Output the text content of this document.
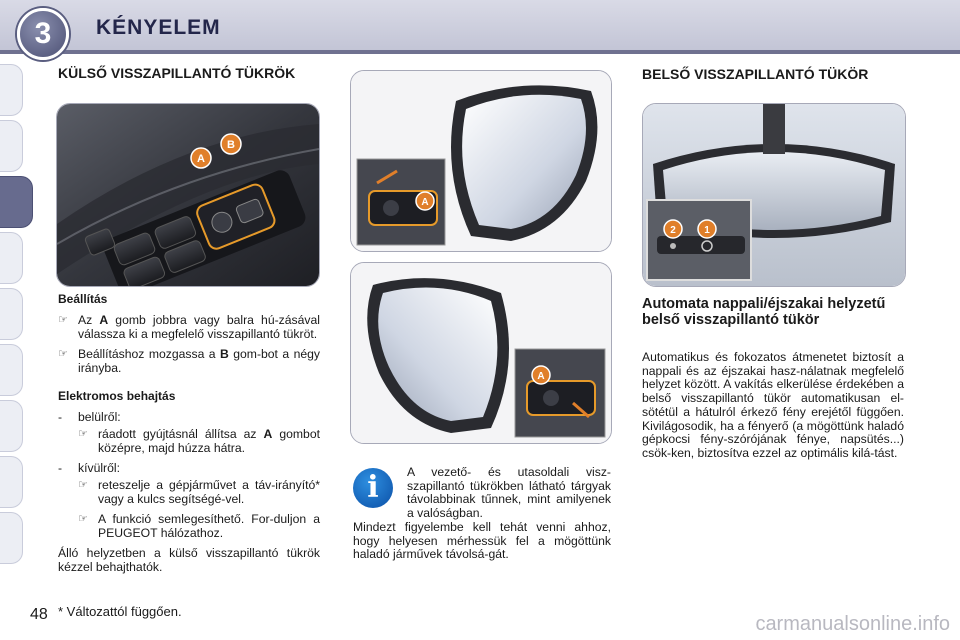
3	KÉNYELEM
KÜLSŐ VISSZAPILLANTÓ TÜKRÖK
A
B
Beállítás
☞ Az A gomb jobbra vagy balra hú-zásával válassza ki a megfelelő visszapillantó tükröt.
☞ Beállításhoz mozgassa a B gom-bot a négy irányba.
Elektromos behajtás
-	belülről:
☞ ráadott gyújtásnál állítsa az A gombot középre, majd húzza hátra.
-	kívülről:
☞ reteszelje a gépjárművet a táv-irányító* vagy a kulcs segítségé-vel.
☞ A funkció semlegesíthető. For-duljon a PEUGEOT hálózathoz.
Álló helyzetben a külső visszapillantó tükrök kézzel behajthatók.
A
A
i	A vezető- és utasoldali visz-szapillantó tükrökben látható tárgyak távolabbinak tűnnek, mint amilyenek a valóságban.
Mindezt figyelembe kell tehát venni ahhoz, hogy helyesen mérhessük fel a mögöttünk haladó járművek távolsá-gát.
BELSŐ VISSZAPILLANTÓ TÜKÖR
2	1
Automata nappali/éjszakai helyzetű belső visszapillantó tükör
Automatikus és fokozatos átmenetet biztosít a nappali és az éjszakai hasz-nálatnak megfelelő helyzet között. A vakítás elkerülése érdekében a belső visszapillantó tükör automatikusan el-sötétül a hátulról érkező fény erejétől függően. Kivilágosodik, ha a fényerő (a mögöttünk haladó gépkocsi fény-szórójának fénye, napsütés...) csök-ken, biztosítva ezzel az optimális kilá-tást.
48 * Változattól függően.
carmanualsonline.info
